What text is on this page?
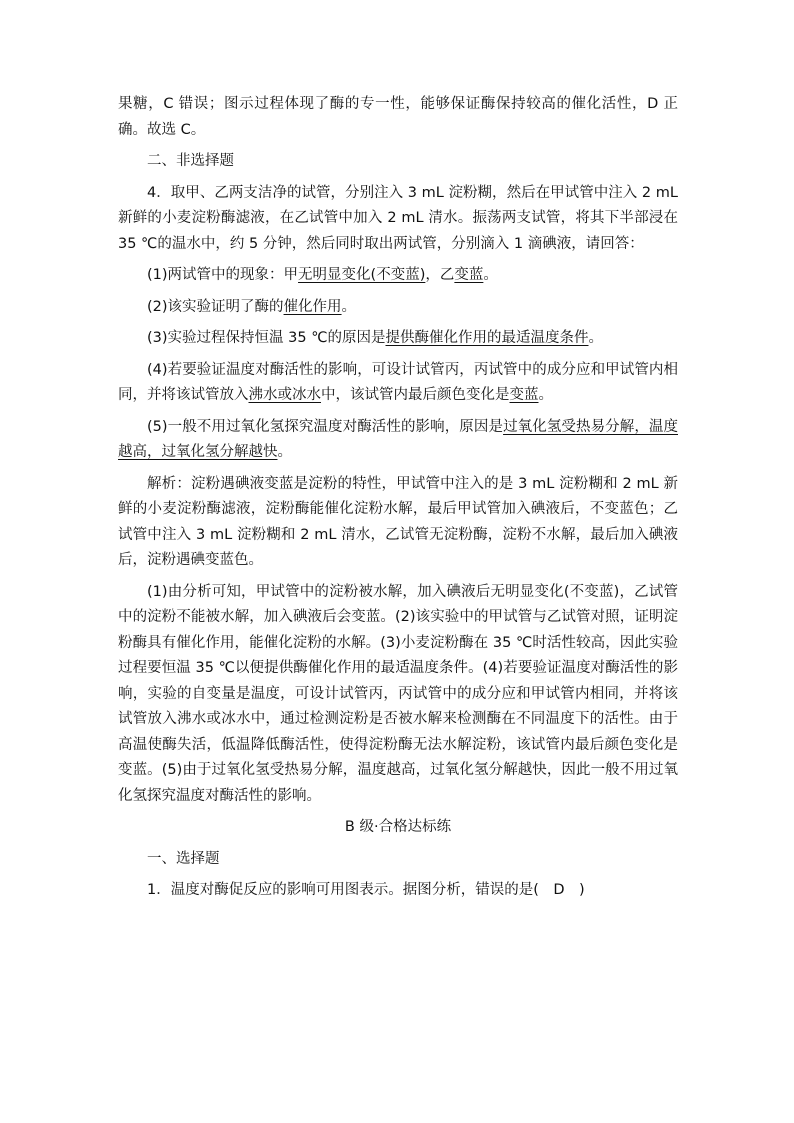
果糖，C 错误；图示过程体现了酶的专一性，能够保证酶保持较高的催化活性，D 正确。故选 C。

二、非选择题

4．取甲、乙两支洁净的试管，分别注入 3 mL 淀粉糊，然后在甲试管中注入 2 mL 新鲜的小麦淀粉酶滤液，在乙试管中加入 2 mL 清水。振荡两支试管，将其下半部浸在 35 ℃的温水中，约 5 分钟，然后同时取出两试管，分别滴入 1 滴碘液，请回答：

(1)两试管中的现象：甲无明显变化(不变蓝)，乙变蓝。

(2)该实验证明了酶的催化作用。

(3)实验过程保持恒温 35 ℃的原因是提供酶催化作用的最适温度条件。

(4)若要验证温度对酶活性的影响，可设计试管丙，丙试管中的成分应和甲试管内相同，并将该试管放入沸水或冰水中，该试管内最后颜色变化是变蓝。

(5)一般不用过氧化氢探究温度对酶活性的影响，原因是过氧化氢受热易分解，温度越高，过氧化氢分解越快。

解析：淀粉遇碘液变蓝是淀粉的特性，甲试管中注入的是 3 mL 淀粉糊和 2 mL 新鲜的小麦淀粉酶滤液，淀粉酶能催化淀粉水解，最后甲试管加入碘液后，不变蓝色；乙试管中注入 3 mL 淀粉糊和 2 mL 清水，乙试管无淀粉酶，淀粉不水解，最后加入碘液后，淀粉遇碘变蓝色。

(1)由分析可知，甲试管中的淀粉被水解，加入碘液后无明显变化(不变蓝)，乙试管中的淀粉不能被水解，加入碘液后会变蓝。(2)该实验中的甲试管与乙试管对照，证明淀粉酶具有催化作用，能催化淀粉的水解。(3)小麦淀粉酶在 35 ℃时活性较高，因此实验过程要恒温 35 ℃以便提供酶催化作用的最适温度条件。(4)若要验证温度对酶活性的影响，实验的自变量是温度，可设计试管丙，丙试管中的成分应和甲试管内相同，并将该试管放入沸水或冰水中，通过检测淀粉是否被水解来检测酶在不同温度下的活性。由于高温使酶失活，低温降低酶活性，使得淀粉酶无法水解淀粉，该试管内最后颜色变化是变蓝。(5)由于过氧化氢受热易分解，温度越高，过氧化氢分解越快，因此一般不用过氧化氢探究温度对酶活性的影响。

B 级·合格达标练

一、选择题

1．温度对酶促反应的影响可用图表示。据图分析，错误的是(　D　)
